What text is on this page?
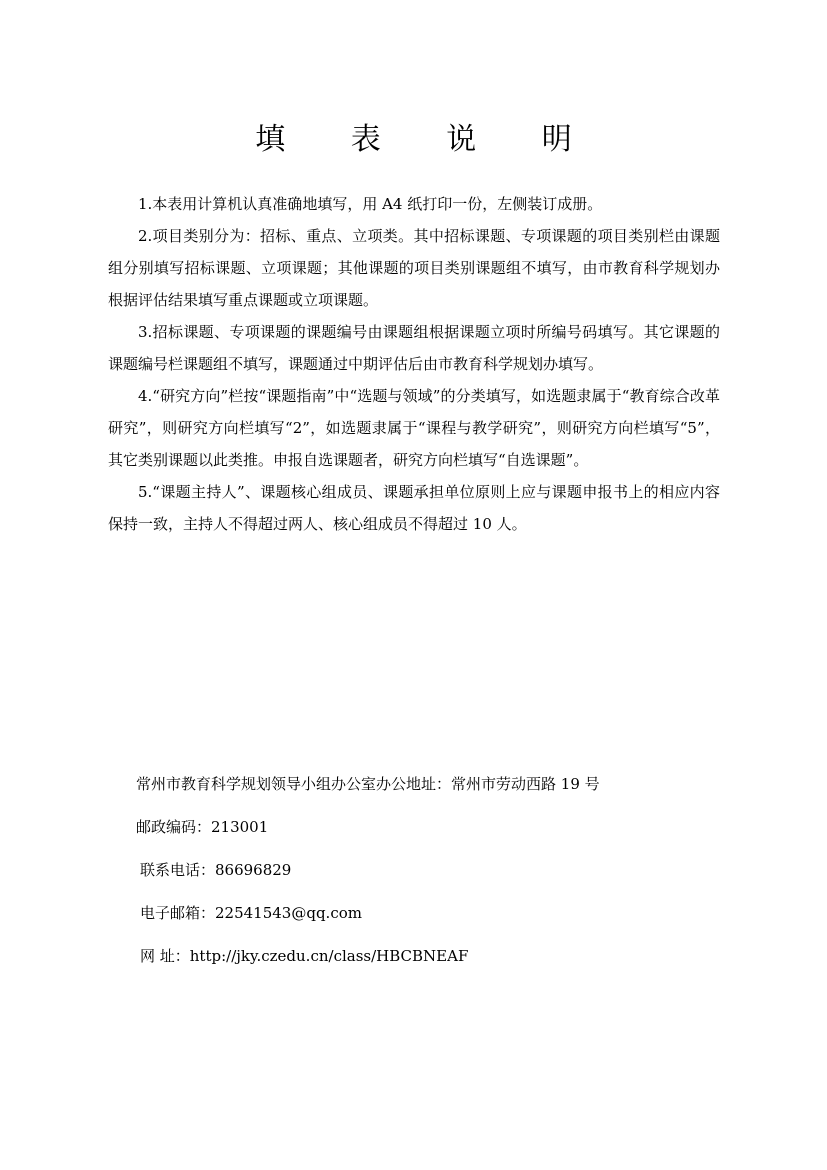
填 表 说 明

1.本表用计算机认真准确地填写，用 A4 纸打印一份，左侧装订成册。

2.项目类别分为：招标、重点、立项类。其中招标课题、专项课题的项目类别栏由课题组分别填写招标课题、立项课题；其他课题的项目类别课题组不填写，由市教育科学规划办根据评估结果填写重点课题或立项课题。

3.招标课题、专项课题的课题编号由课题组根据课题立项时所编号码填写。其它课题的课题编号栏课题组不填写，课题通过中期评估后由市教育科学规划办填写。

4.“研究方向”栏按“课题指南”中“选题与领域”的分类填写，如选题隶属于“教育综合改革研究”，则研究方向栏填写“2”，如选题隶属于“课程与教学研究”，则研究方向栏填写“5”，其它类别课题以此类推。申报自选课题者，研究方向栏填写“自选课题”。

5.“课题主持人”、课题核心组成员、课题承担单位原则上应与课题申报书上的相应内容保持一致，主持人不得超过两人、核心组成员不得超过 10 人。

常州市教育科学规划领导小组办公室办公地址：常州市劳动西路 19 号

邮政编码：213001

联系电话：86696829

电子邮箱：22541543@qq.com

网 址：http://jky.czedu.cn/class/HBCBNEAF
